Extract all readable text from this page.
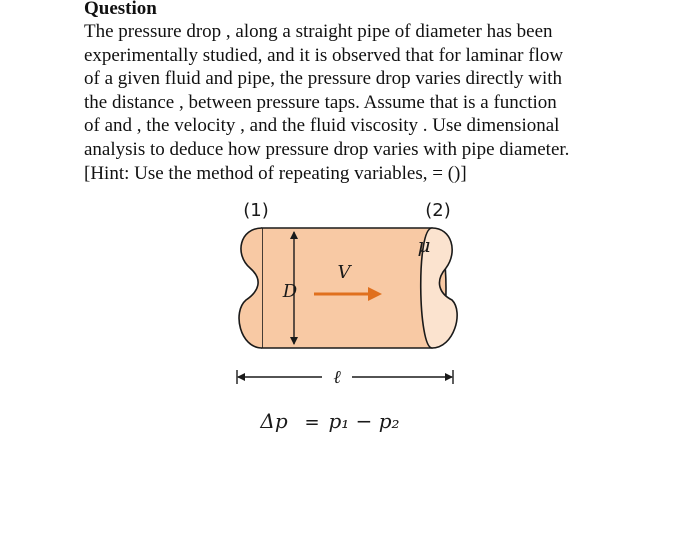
Question

The pressure drop , along a straight pipe of diameter has been

experimentally studied, and it is observed that for laminar flow

of a given fluid and pipe, the pressure drop varies directly with

the distance , between pressure taps. Assume that is a function

of and , the velocity , and the fluid viscosity . Use dimensional

analysis to deduce how pressure drop varies with pipe diameter.

[Hint: Use the method of repeating variables, = ()]

(1)	(2)
D
V
μ
ℓ
Δp = p₁ − p₂
